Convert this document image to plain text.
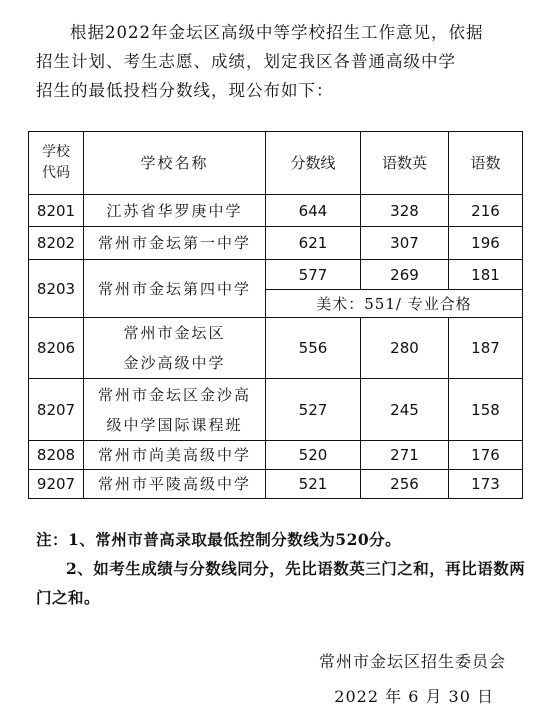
根据2022年金坛区高级中等学校招生工作意见，依据
招生计划、考生志愿、成绩，划定我区各普通高级中学
招生的最低投档分数线，现公布如下：
学校
代码	学校名称	分数线	语数英	语数
8201	江苏省华罗庚中学	644	328	216
8202	常州市金坛第一中学	621	307	196
8203	常州市金坛第四中学	577	269	181
		美术：551/ 专业合格		
8206	常州市金坛区
金沙高级中学	556	280	187
8207	常州市金坛区金沙高
级中学国际课程班	527	245	158
8208	常州市尚美高级中学	520	271	176
9207	常州市平陵高级中学	521	256	173
注：1、常州市普高录取最低控制分数线为520分。
2、如考生成绩与分数线同分，先比语数英三门之和，再比语数两门之和。
常州市金坛区招生委员会
2022 年 6 月 30 日
